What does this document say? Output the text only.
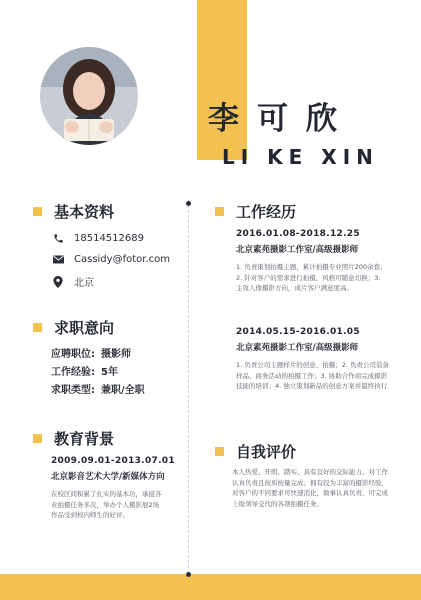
李可欣
LI KE XIN
基本资料
18514512689
Cassidy@fotor.com
北京
求职意向
应聘职位: 摄影师
工作经验: 5年
求职类型: 兼职/全职
教育背景
2009.09.01-2013.07.01
北京影音艺术大学/新媒体方向
在校区间积累了扎实的基本功，承接各
业拍摄任务多次，举办个人摄影展2场
作品受到校内师生的好评。
工作经历
2016.01.08-2018.12.25
北京素苑摄影工作室/高级摄影师
1. 负责策划拍摄主题，累计拍摄专业照片200余套；
2. 针对客户的需求进行拍摄，风格可随意切换；3.
主攻人像摄影方向，成片客户满意度高。
2014.05.15-2016.01.05
北京素苑摄影工作室/高级摄影师
1. 负责公司主题样片的创意、拍摄；2. 负责公司装备
样品、商务活动的拍摄工作；3. 协助合作商完成摄影
技能的培训；4. 独立策划新品的创意方案并最终执行
自我评价
本人热爱、开朗、踏实、具有良好的交际能力。对工作
认真负责且按质按量完成；拥有较为丰富的摄影经验，
对客户的不同要求可快速消化，做事认真负责，可完成
上级领导交代的各项拍摄任务。
